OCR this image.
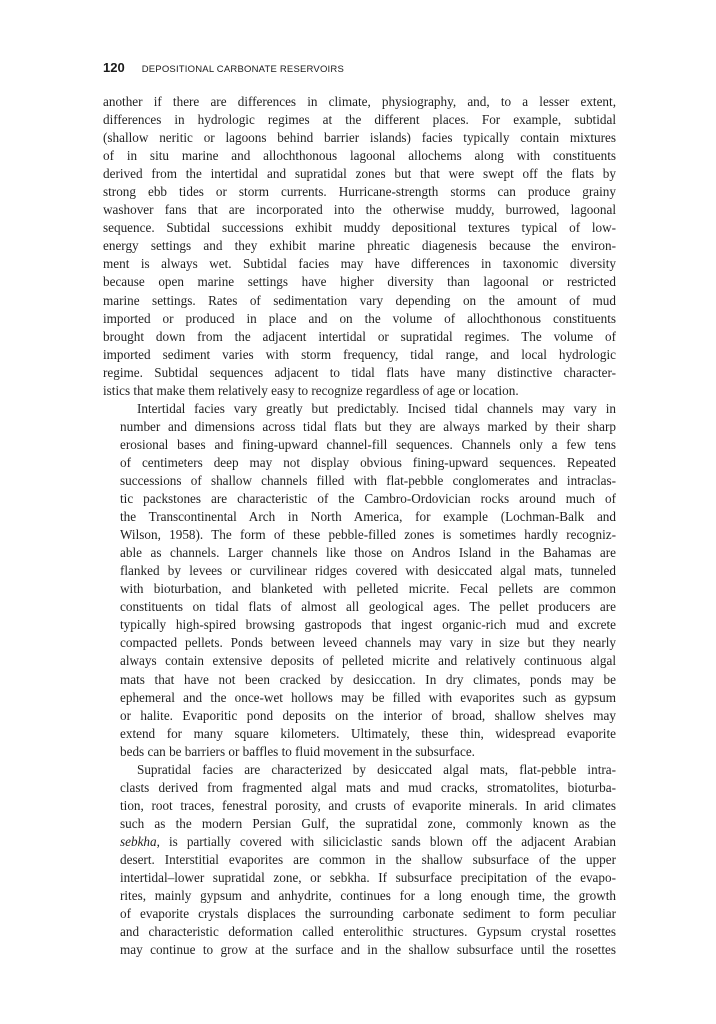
120 DEPOSITIONAL CARBONATE RESERVOIRS

another if there are differences in climate, physiography, and, to a lesser extent,
differences in hydrologic regimes at the different places. For example, subtidal
(shallow neritic or lagoons behind barrier islands) facies typically contain mixtures
of in situ marine and allochthonous lagoonal allochems along with constituents
derived from the intertidal and supratidal zones but that were swept off the flats by
strong ebb tides or storm currents. Hurricane-strength storms can produce grainy
washover fans that are incorporated into the otherwise muddy, burrowed, lagoonal
sequence. Subtidal successions exhibit muddy depositional textures typical of low-
energy settings and they exhibit marine phreatic diagenesis because the environ-
ment is always wet. Subtidal facies may have differences in taxonomic diversity
because open marine settings have higher diversity than lagoonal or restricted
marine settings. Rates of sedimentation vary depending on the amount of mud
imported or produced in place and on the volume of allochthonous constituents
brought down from the adjacent intertidal or supratidal regimes. The volume of
imported sediment varies with storm frequency, tidal range, and local hydrologic
regime. Subtidal sequences adjacent to tidal flats have many distinctive character-
istics that make them relatively easy to recognize regardless of age or location.

Intertidal facies vary greatly but predictably. Incised tidal channels may vary in
number and dimensions across tidal flats but they are always marked by their sharp
erosional bases and fining-upward channel-fill sequences. Channels only a few tens
of centimeters deep may not display obvious fining-upward sequences. Repeated
successions of shallow channels filled with flat-pebble conglomerates and intraclas-
tic packstones are characteristic of the Cambro-Ordovician rocks around much of
the Transcontinental Arch in North America, for example (Lochman-Balk and
Wilson, 1958). The form of these pebble-filled zones is sometimes hardly recogniz-
able as channels. Larger channels like those on Andros Island in the Bahamas are
flanked by levees or curvilinear ridges covered with desiccated algal mats, tunneled
with bioturbation, and blanketed with pelleted micrite. Fecal pellets are common
constituents on tidal flats of almost all geological ages. The pellet producers are
typically high-spired browsing gastropods that ingest organic-rich mud and excrete
compacted pellets. Ponds between leveed channels may vary in size but they nearly
always contain extensive deposits of pelleted micrite and relatively continuous algal
mats that have not been cracked by desiccation. In dry climates, ponds may be
ephemeral and the once-wet hollows may be filled with evaporites such as gypsum
or halite. Evaporitic pond deposits on the interior of broad, shallow shelves may
extend for many square kilometers. Ultimately, these thin, widespread evaporite
beds can be barriers or baffles to fluid movement in the subsurface.

Supratidal facies are characterized by desiccated algal mats, flat-pebble intra-
clasts derived from fragmented algal mats and mud cracks, stromatolites, bioturba-
tion, root traces, fenestral porosity, and crusts of evaporite minerals. In arid climates
such as the modern Persian Gulf, the supratidal zone, commonly known as the
sebkha, is partially covered with siliciclastic sands blown off the adjacent Arabian
desert. Interstitial evaporites are common in the shallow subsurface of the upper
intertidal–lower supratidal zone, or sebkha. If subsurface precipitation of the evapo-
rites, mainly gypsum and anhydrite, continues for a long enough time, the growth
of evaporite crystals displaces the surrounding carbonate sediment to form peculiar
and characteristic deformation called enterolithic structures. Gypsum crystal rosettes
may continue to grow at the surface and in the shallow subsurface until the rosettes
